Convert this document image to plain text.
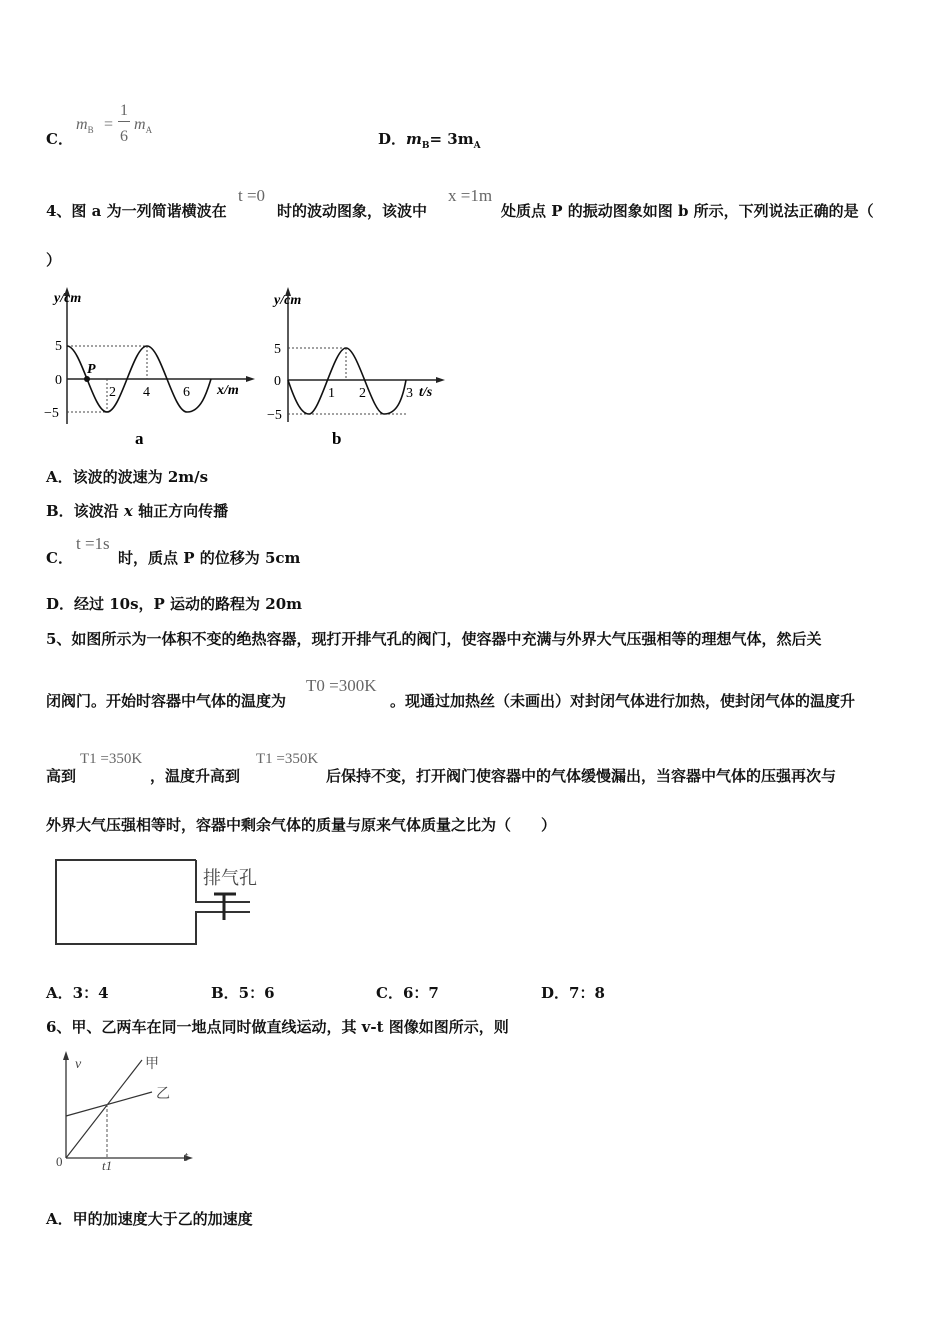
C．
$m_B$ =
1
6
$m_A$	D．$m_B= 3m_A$
4、图 a 为一列简谐横波在
t =0
时的波动图象，该波中
x =1m
处质点 P 的振动图象如图 b 所示，下列说法正确的是（
）
y/cm
x/m
5
0
−5
2 4 6
P
a
y/cm
t/s
5
0
−5
1 2	3
b
A．该波的波速为 2m/s
B．该波沿 x 轴正方向传播
C．
t =1s
时，质点 P 的位移为 5cm
D．经过 10s，P 运动的路程为 20m
5、如图所示为一体积不变的绝热容器，现打开排气孔的阀门，使容器中充满与外界大气压强相等的理想气体，然后关
闭阀门。开始时容器中气体的温度为
T0 =300K
。现通过加热丝（未画出）对封闭气体进行加热，使封闭气体的温度升
高到
T1 =350K
，温度升高到
T1 =350K
后保持不变，打开阀门使容器中的气体缓慢漏出，当容器中气体的压强再次与
外界大气压强相等时，容器中剩余气体的质量与原来气体质量之比为（　　）
排气孔
A．3：4	B．5：6	C．6：7	D．7：8
6、甲、乙两车在同一地点同时做直线运动，其 v-t 图像如图所示，则
v
t
0	t1
甲
乙
A．甲的加速度大于乙的加速度
